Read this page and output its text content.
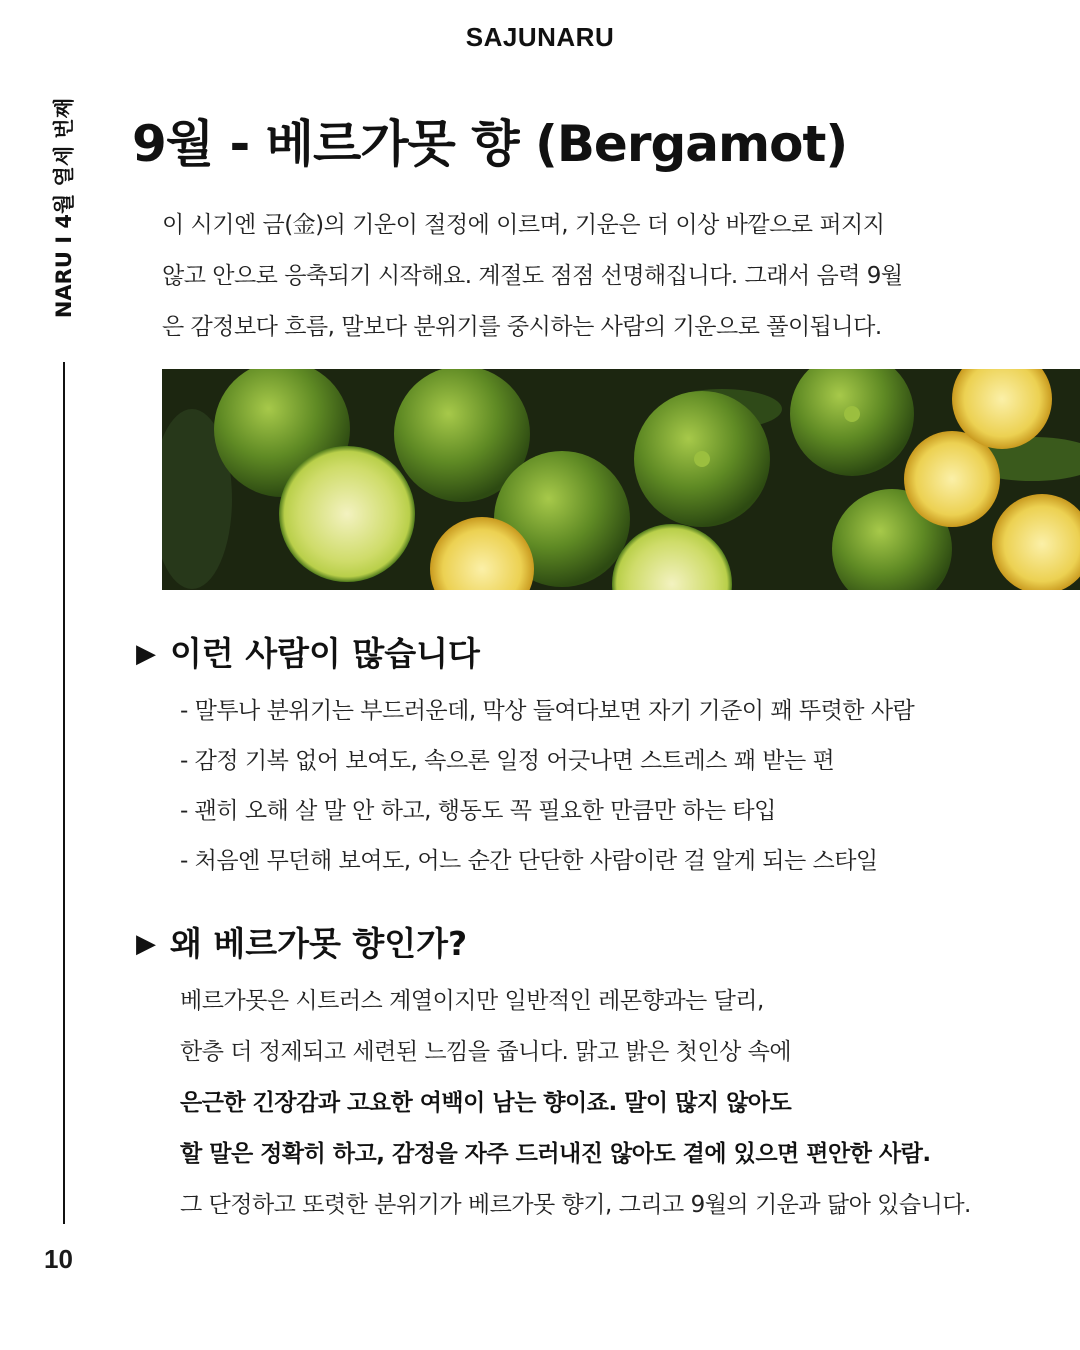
SAJUNARU
NARU I 4월 열세 번째
10
9월 - 베르가못 향 (Bergamot)

이 시기엔 금(金)의 기운이 절정에 이르며, 기운은 더 이상 바깥으로 퍼지지

않고 안으로 응축되기 시작해요. 계절도 점점 선명해집니다. 그래서 음력 9월

은 감정보다 흐름, 말보다 분위기를 중시하는 사람의 기운으로 풀이됩니다.

▶ 이런 사람이 많습니다

- 말투나 분위기는 부드러운데, 막상 들여다보면 자기 기준이 꽤 뚜렷한 사람

- 감정 기복 없어 보여도, 속으론 일정 어긋나면 스트레스 꽤 받는 편

- 괜히 오해 살 말 안 하고, 행동도 꼭 필요한 만큼만 하는 타입

- 처음엔 무던해 보여도, 어느 순간 단단한 사람이란 걸 알게 되는 스타일

▶ 왜 베르가못 향인가?

베르가못은 시트러스 계열이지만 일반적인 레몬향과는 달리,

한층 더 정제되고 세련된 느낌을 줍니다. 맑고 밝은 첫인상 속에

은근한 긴장감과 고요한 여백이 남는 향이죠. 말이 많지 않아도

할 말은 정확히 하고, 감정을 자주 드러내진 않아도 곁에 있으면 편안한 사람.

그 단정하고 또렷한 분위기가 베르가못 향기, 그리고 9월의 기운과 닮아 있습니다.
